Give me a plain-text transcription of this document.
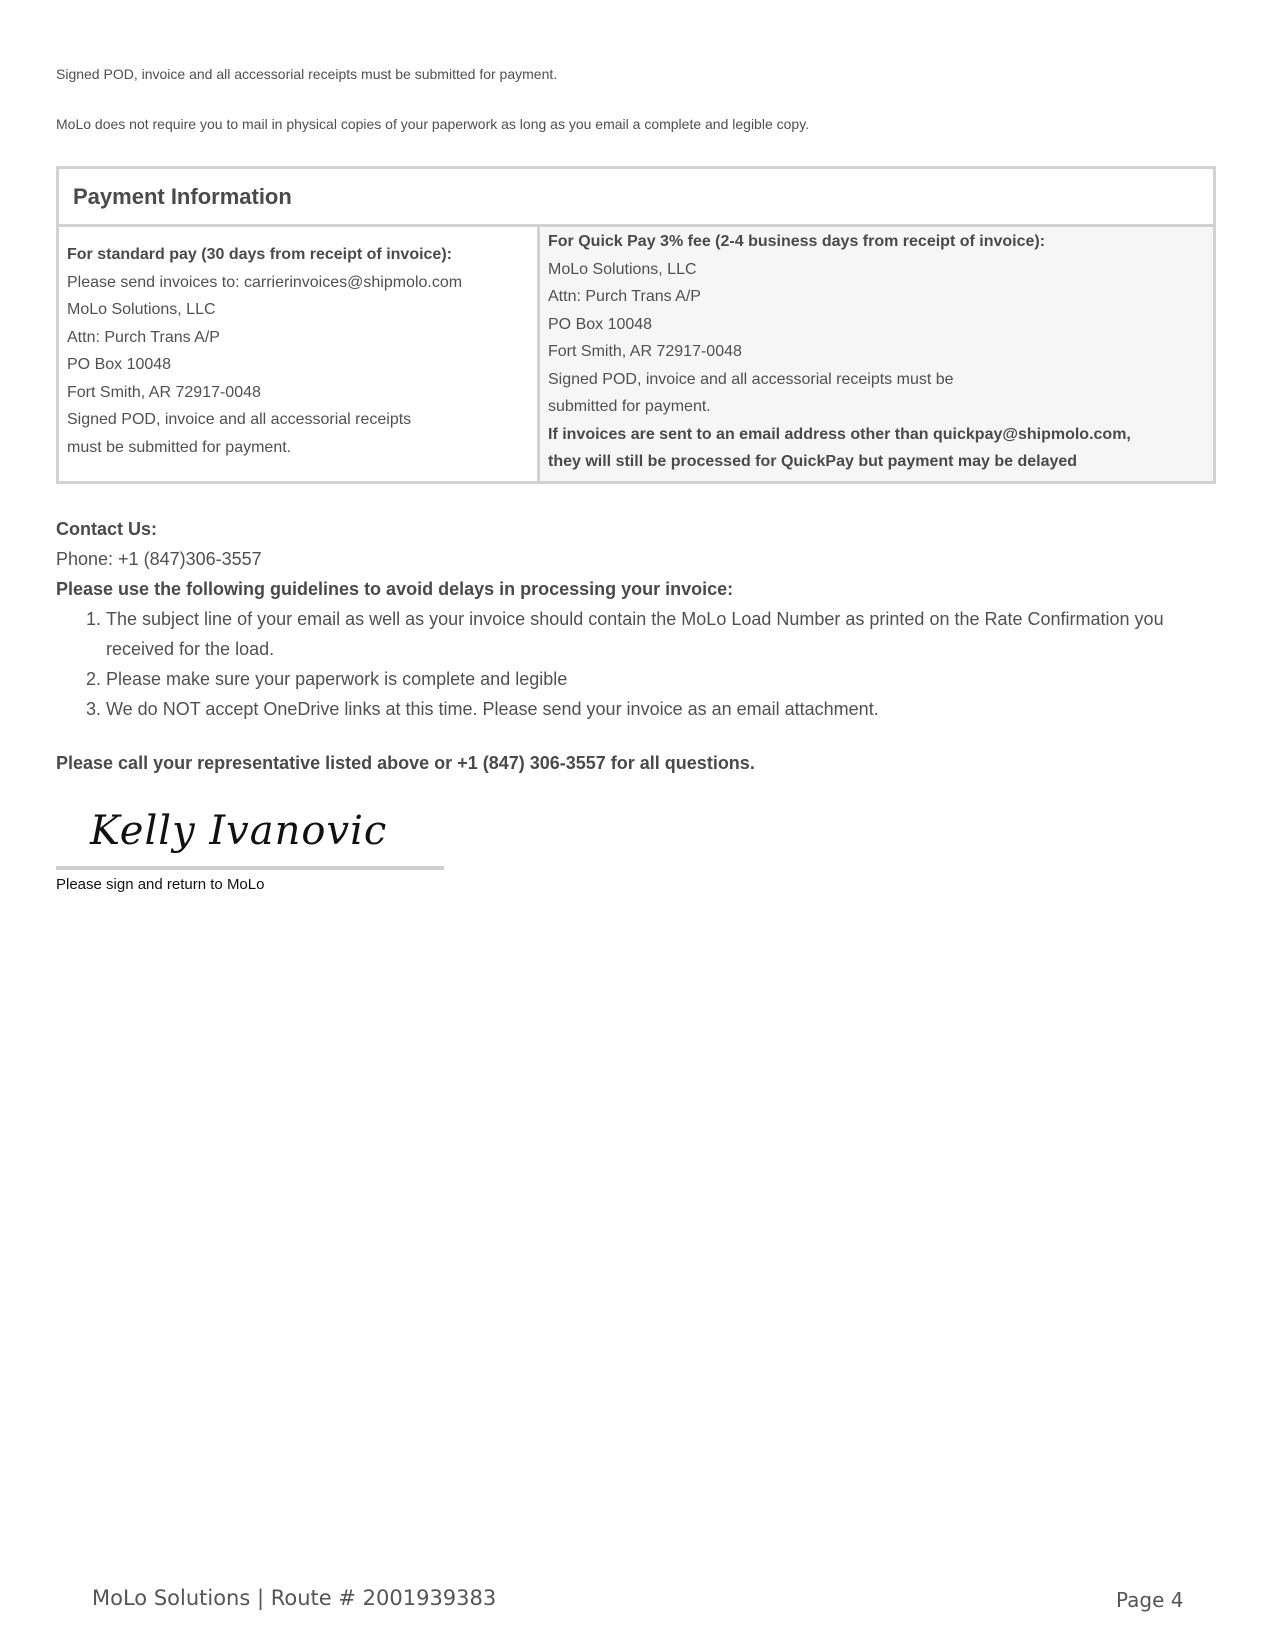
Signed POD, invoice and all accessorial receipts must be submitted for payment.
MoLo does not require you to mail in physical copies of your paperwork as long as you email a complete and legible copy.
Payment Information
For standard pay (30 days from receipt of invoice):
Please send invoices to: carrierinvoices@shipmolo.com
MoLo Solutions, LLC
Attn: Purch Trans A/P
PO Box 10048
Fort Smith, AR 72917-0048
Signed POD, invoice and all accessorial receipts
must be submitted for payment.
For Quick Pay 3% fee (2-4 business days from receipt of invoice):
MoLo Solutions, LLC
Attn: Purch Trans A/P
PO Box 10048
Fort Smith, AR 72917-0048
Signed POD, invoice and all accessorial receipts must be
submitted for payment.
If invoices are sent to an email address other than quickpay@shipmolo.com,
they will still be processed for QuickPay but payment may be delayed
Contact Us:
Phone: +1 (847)306-3557
Please use the following guidelines to avoid delays in processing your invoice:
1. The subject line of your email as well as your invoice should contain the MoLo Load Number as printed on the Rate Confirmation you received for the load.
2. Please make sure your paperwork is complete and legible
3. We do NOT accept OneDrive links at this time. Please send your invoice as an email attachment.
Please call your representative listed above or +1 (847) 306-3557 for all questions.
Kelly Ivanovic
Please sign and return to MoLo
MoLo Solutions | Route # 2001939383	Page 4
